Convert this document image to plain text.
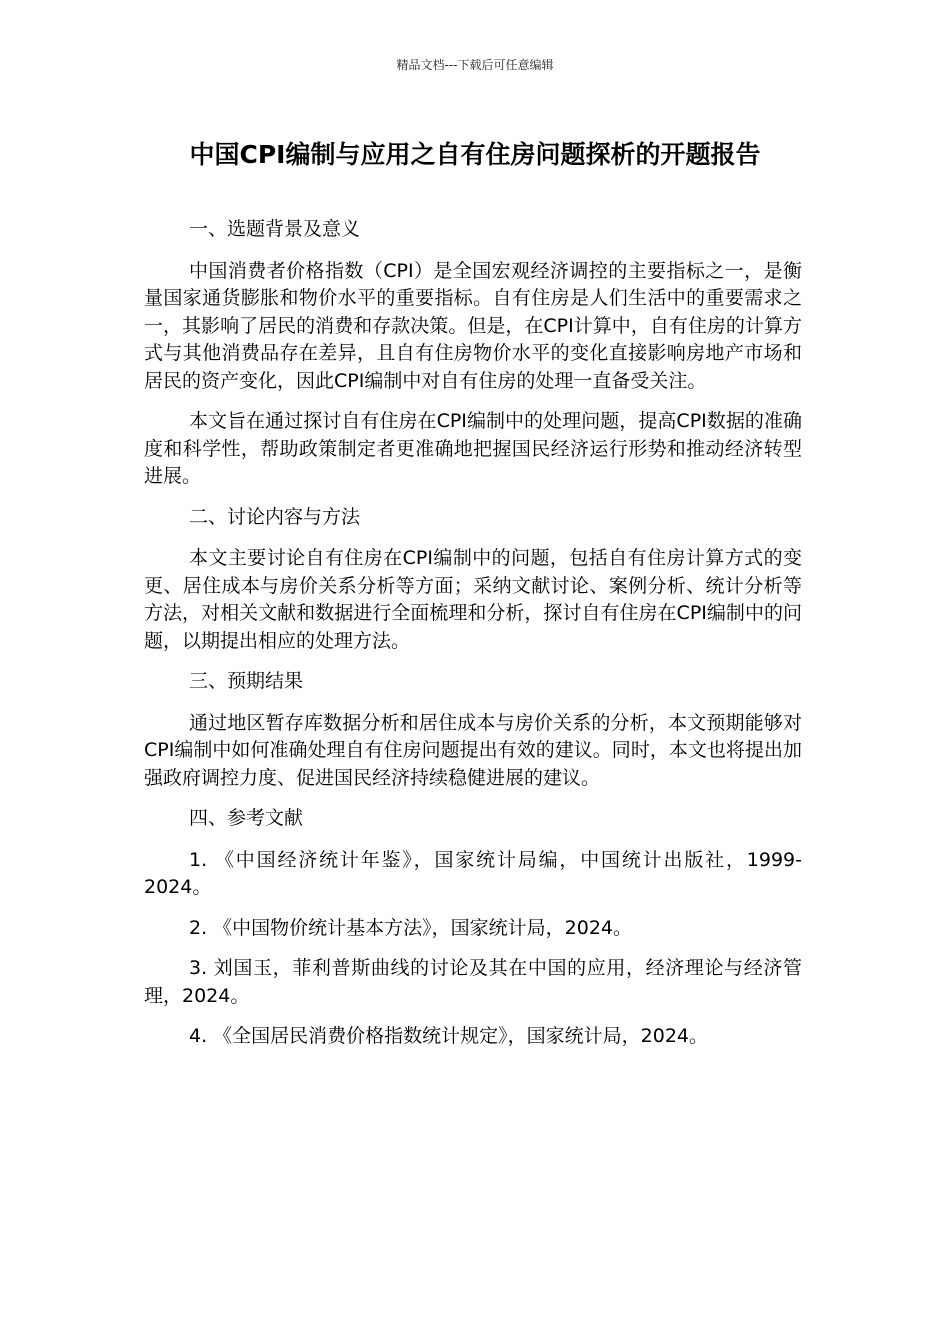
精品文档---下载后可任意编辑
中国CPI编制与应用之自有住房问题探析的开题报告

一、选题背景及意义

中国消费者价格指数（CPI）是全国宏观经济调控的主要指标之一，是衡量国家通货膨胀和物价水平的重要指标。自有住房是人们生活中的重要需求之一，其影响了居民的消费和存款决策。但是，在CPI计算中，自有住房的计算方式与其他消费品存在差异，且自有住房物价水平的变化直接影响房地产市场和居民的资产变化，因此CPI编制中对自有住房的处理一直备受关注。

本文旨在通过探讨自有住房在CPI编制中的处理问题，提高CPI数据的准确度和科学性，帮助政策制定者更准确地把握国民经济运行形势和推动经济转型进展。

二、讨论内容与方法

本文主要讨论自有住房在CPI编制中的问题，包括自有住房计算方式的变更、居住成本与房价关系分析等方面；采纳文献讨论、案例分析、统计分析等方法，对相关文献和数据进行全面梳理和分析，探讨自有住房在CPI编制中的问题，以期提出相应的处理方法。

三、预期结果

通过地区暂存库数据分析和居住成本与房价关系的分析，本文预期能够对CPI编制中如何准确处理自有住房问题提出有效的建议。同时，本文也将提出加强政府调控力度、促进国民经济持续稳健进展的建议。

四、参考文献

1. 《中国经济统计年鉴》，国家统计局编，中国统计出版社，1999-2024。

2. 《中国物价统计基本方法》，国家统计局，2024。

3. 刘国玉，菲利普斯曲线的讨论及其在中国的应用，经济理论与经济管理，2024。

4. 《全国居民消费价格指数统计规定》，国家统计局，2024。
